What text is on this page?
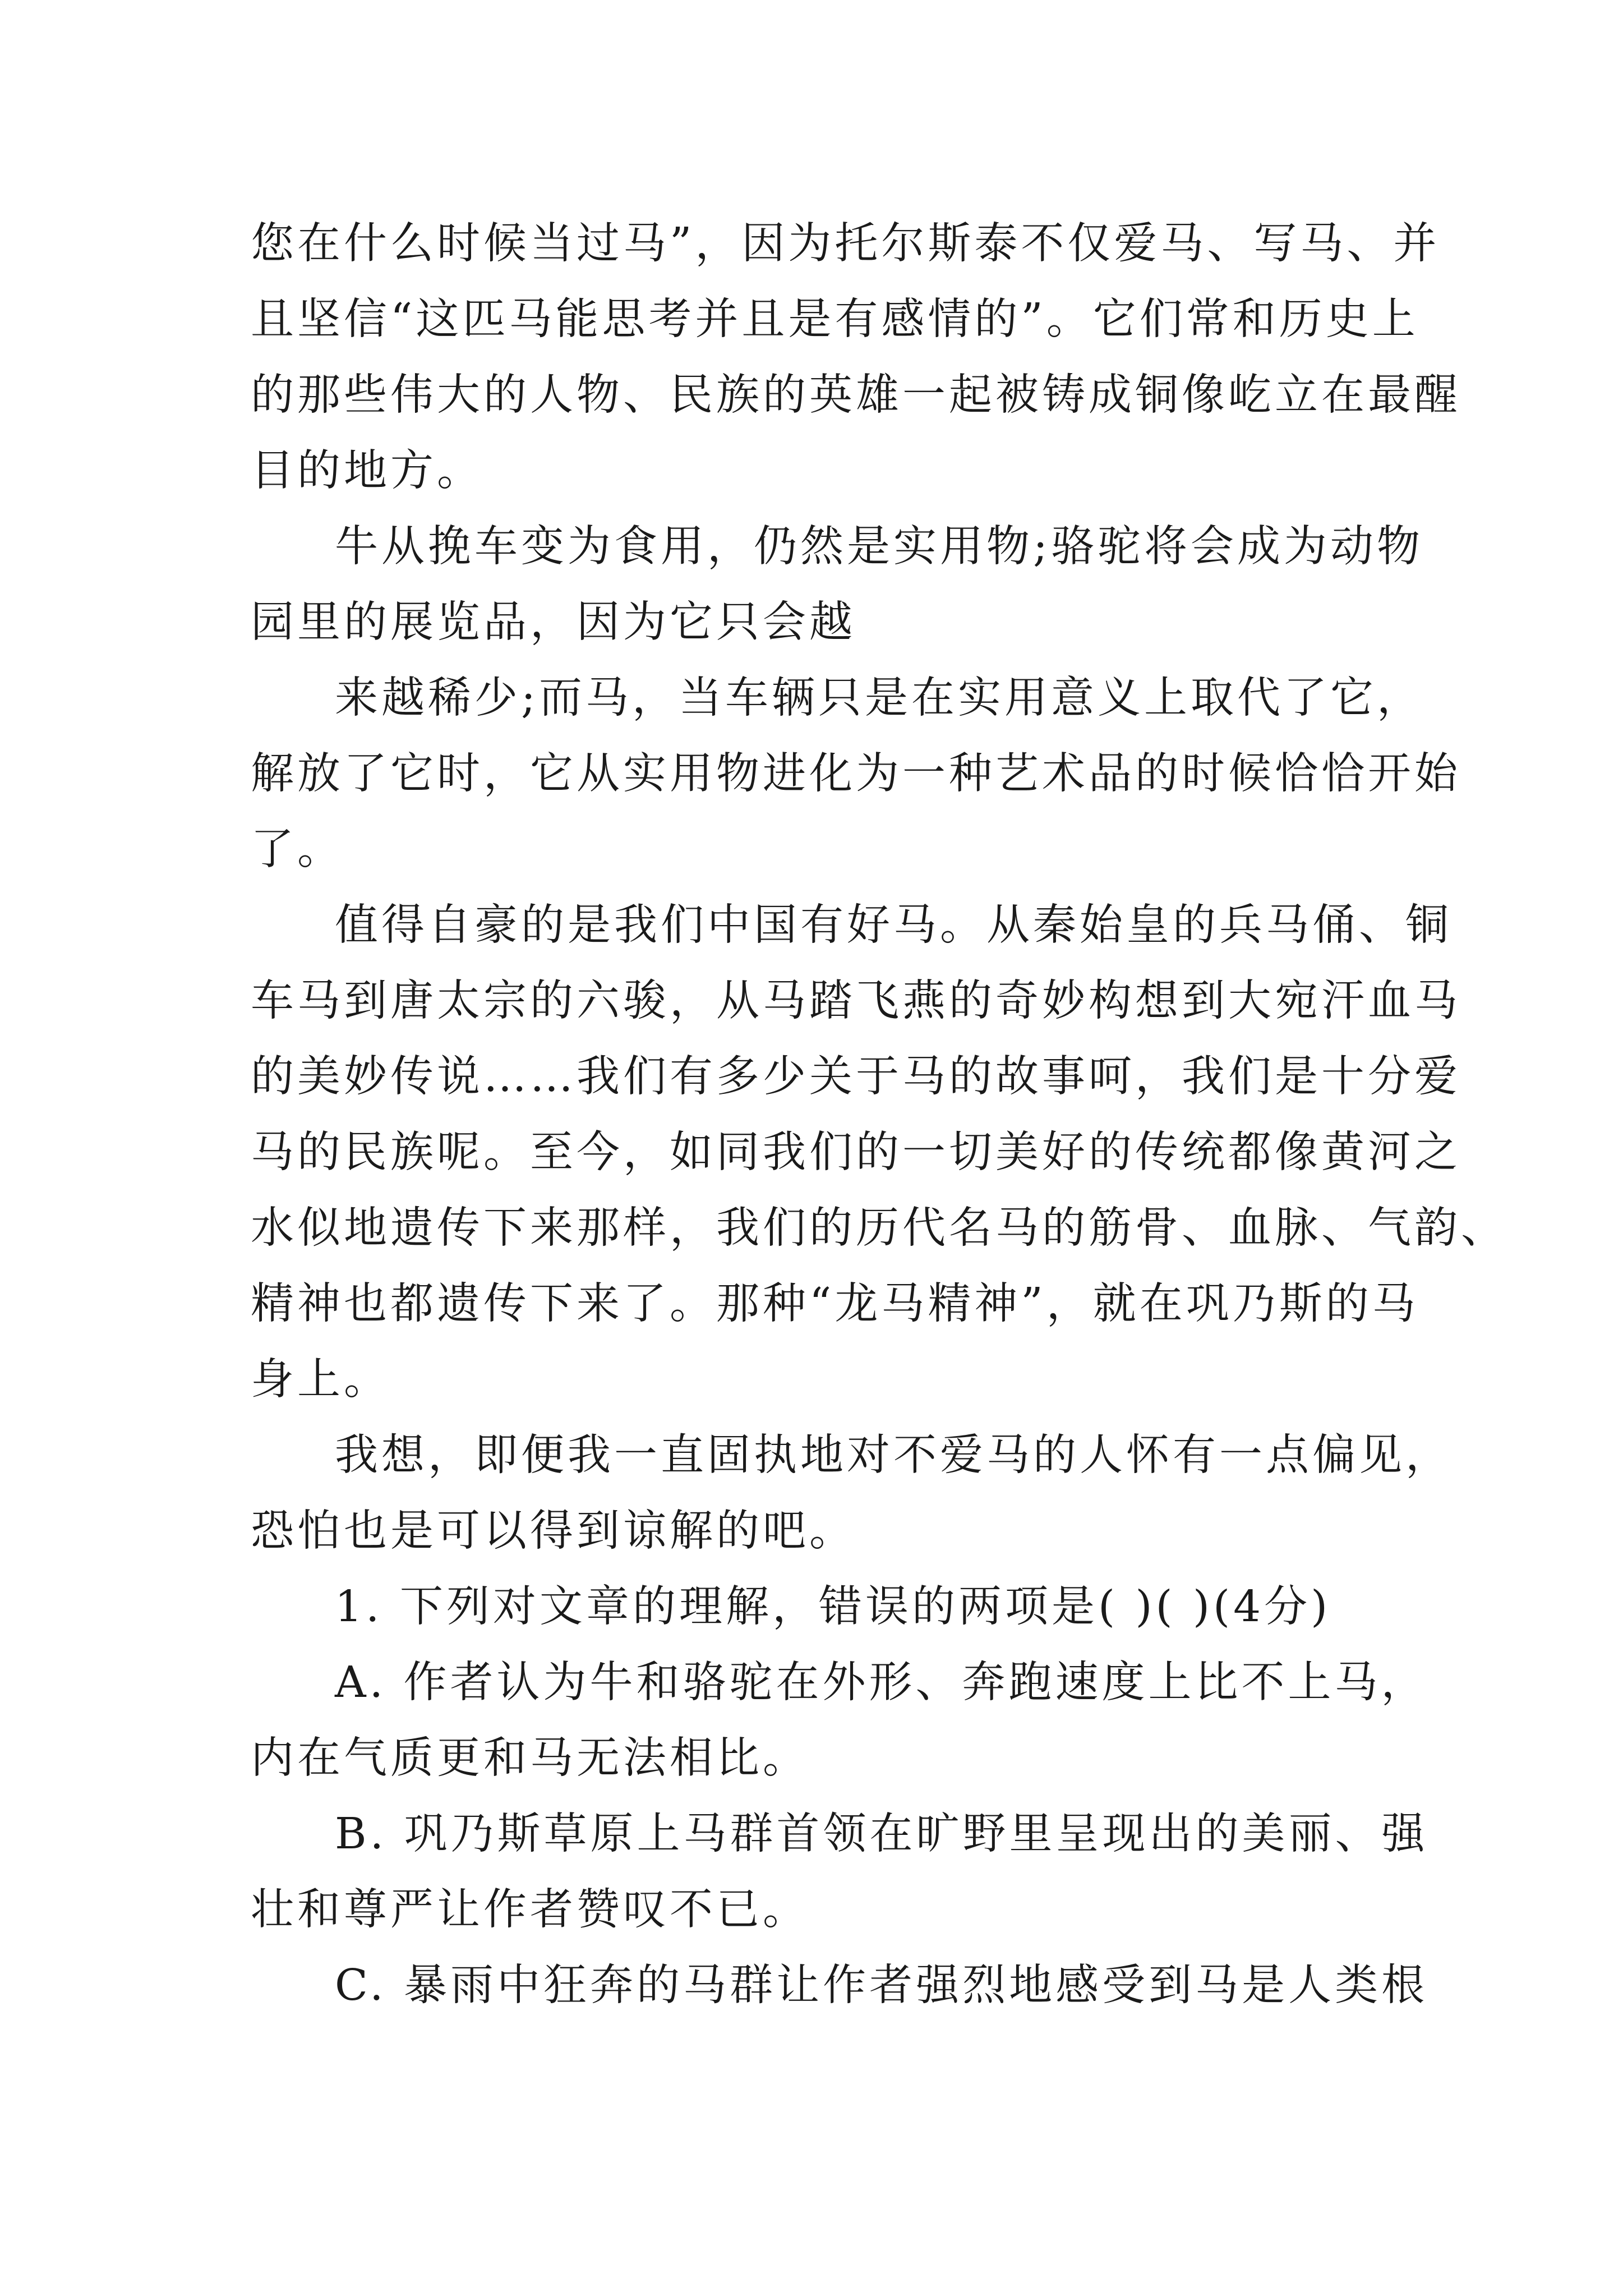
您在什么时候当过马”，因为托尔斯泰不仅爱马、写马、并
且坚信“这匹马能思考并且是有感情的”。它们常和历史上
的那些伟大的人物、民族的英雄一起被铸成铜像屹立在最醒
目的地方。
牛从挽车变为食用，仍然是实用物;骆驼将会成为动物
园里的展览品，因为它只会越
来越稀少;而马，当车辆只是在实用意义上取代了它，
解放了它时，它从实用物进化为一种艺术品的时候恰恰开始
了。
值得自豪的是我们中国有好马。从秦始皇的兵马俑、铜
车马到唐太宗的六骏，从马踏飞燕的奇妙构想到大宛汗血马
的美妙传说……我们有多少关于马的故事呵，我们是十分爱
马的民族呢。至今，如同我们的一切美好的传统都像黄河之
水似地遗传下来那样，我们的历代名马的筋骨、血脉、气韵、
精神也都遗传下来了。那种“龙马精神”，就在巩乃斯的马
身上。
我想，即便我一直固执地对不爱马的人怀有一点偏见，
恐怕也是可以得到谅解的吧。
1. 下列对文章的理解，错误的两项是( )( )(4分)
A. 作者认为牛和骆驼在外形、奔跑速度上比不上马，
内在气质更和马无法相比。
B. 巩乃斯草原上马群首领在旷野里呈现出的美丽、强
壮和尊严让作者赞叹不已。
C. 暴雨中狂奔的马群让作者强烈地感受到马是人类根
